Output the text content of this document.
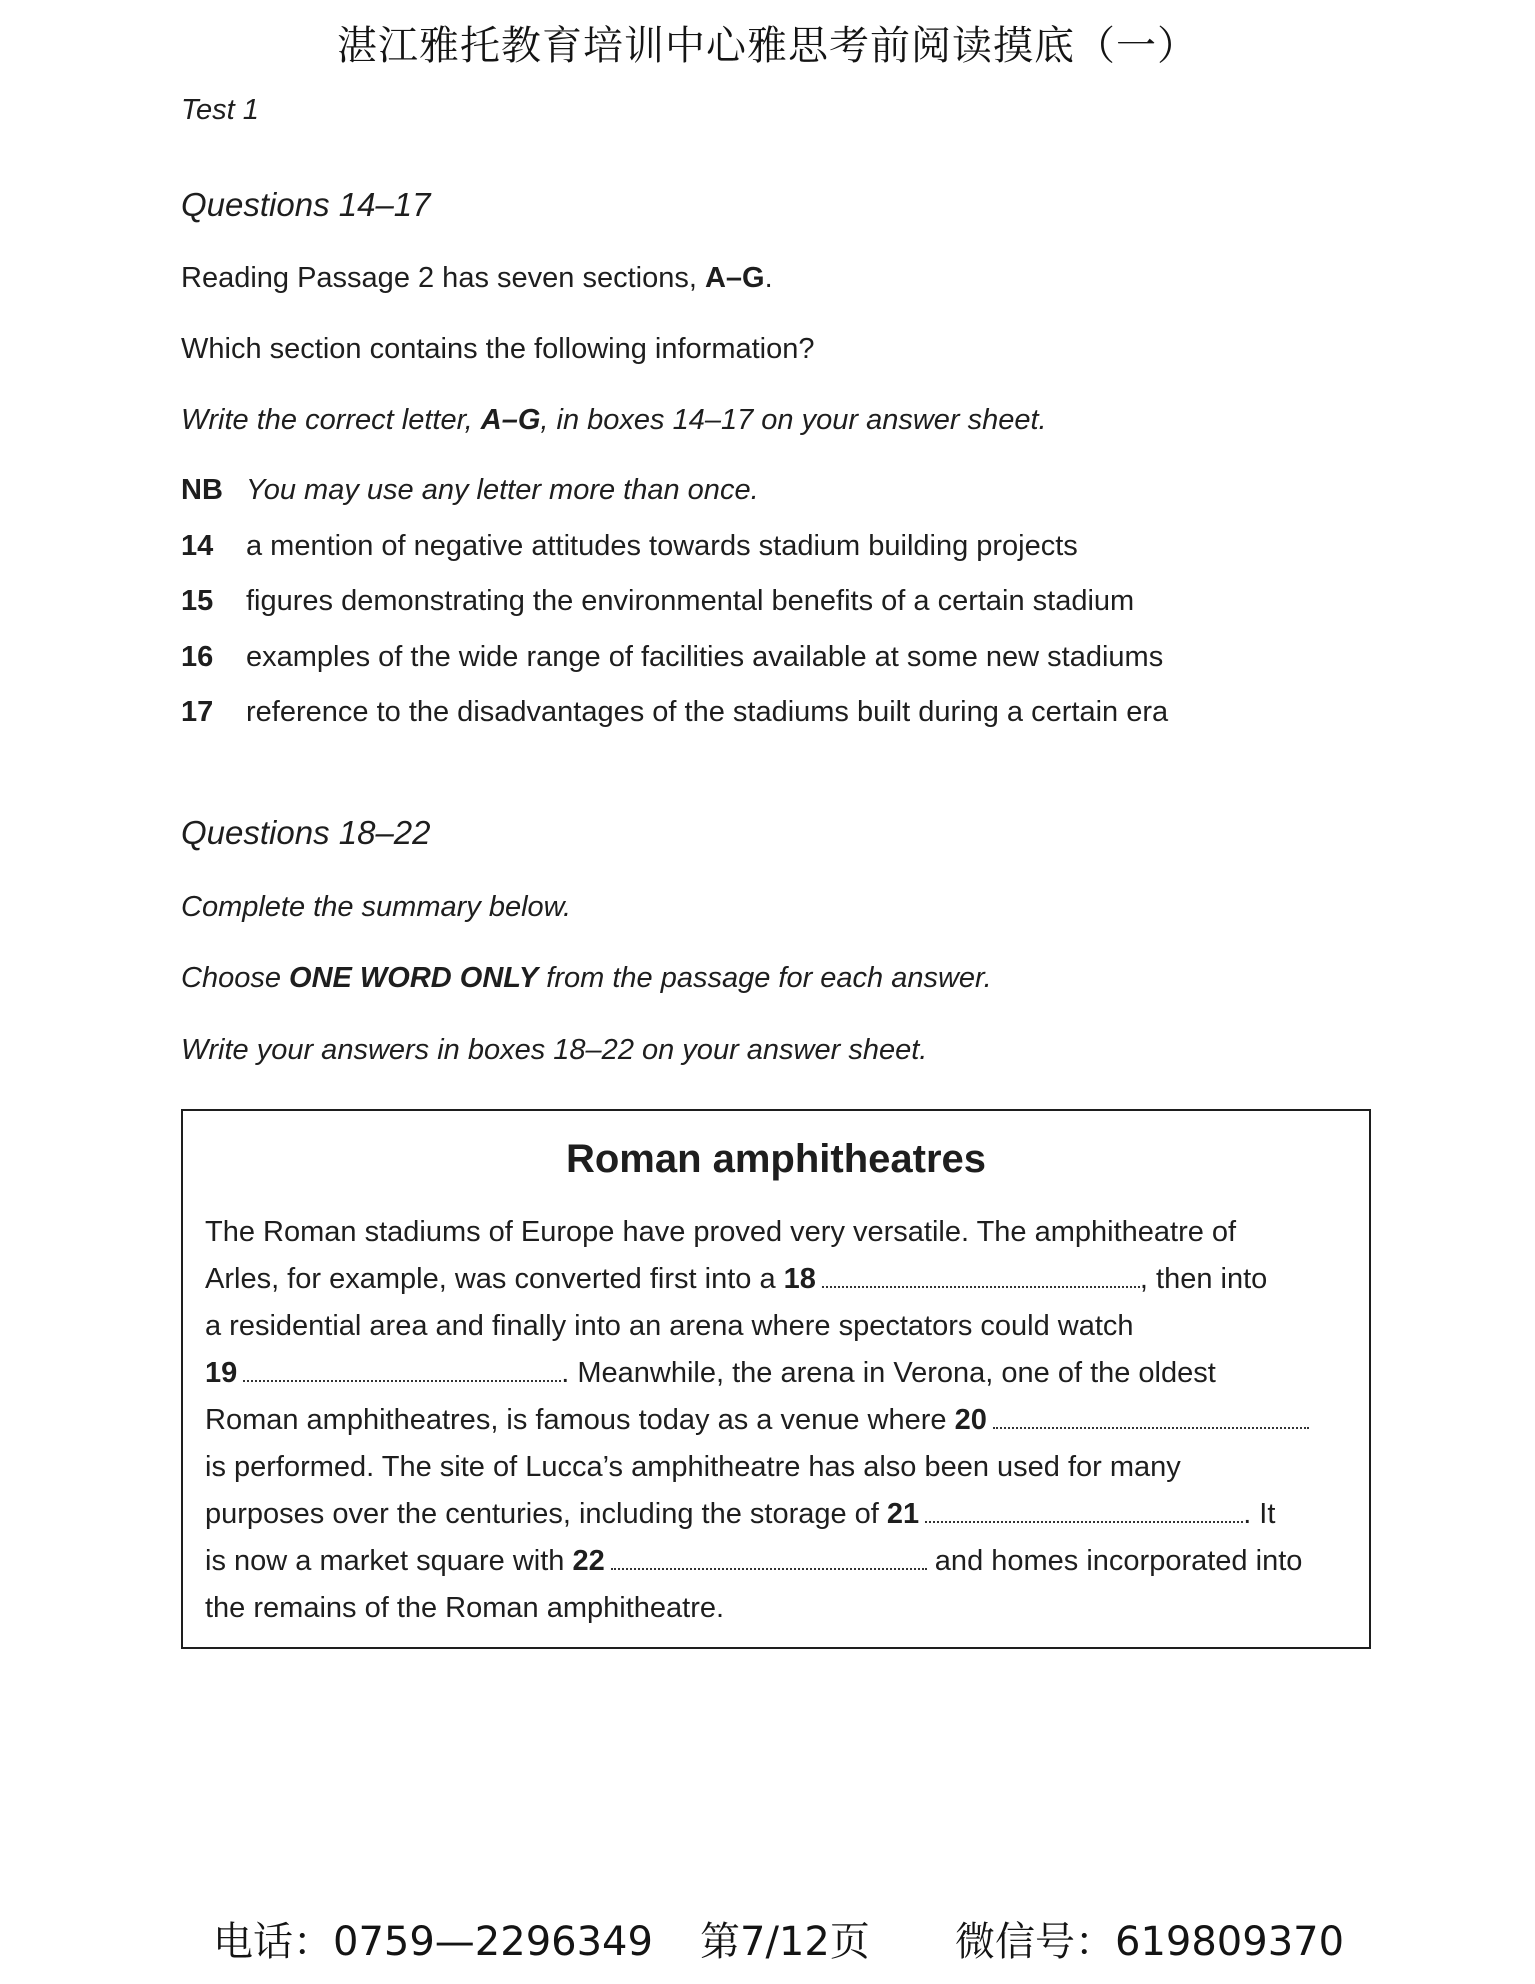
湛江雅托教育培训中心雅思考前阅读摸底（一）
Test 1
Questions 14–17
Reading Passage 2 has seven sections, A–G.
Which section contains the following information?
Write the correct letter, A–G, in boxes 14–17 on your answer sheet.
NB You may use any letter more than once.
14 a mention of negative attitudes towards stadium building projects
15 figures demonstrating the environmental benefits of a certain stadium
16 examples of the wide range of facilities available at some new stadiums
17 reference to the disadvantages of the stadiums built during a certain era
Questions 18–22
Complete the summary below.
Choose ONE WORD ONLY from the passage for each answer.
Write your answers in boxes 18–22 on your answer sheet.
Roman amphitheatres
The Roman stadiums of Europe have proved very versatile. The amphitheatre of
Arles, for example, was converted first into a 18	, then into
a residential area and finally into an arena where spectators could watch
19	. Meanwhile, the arena in Verona, one of the oldest
Roman amphitheatres, is famous today as a venue where 20
is performed. The site of Lucca’s amphitheatre has also been used for many
purposes over the centuries, including the storage of 21	. It
is now a market square with 22	and homes incorporated into
the remains of the Roman amphitheatre.
电话：0759—2296349 第7/12页 微信号：619809370
